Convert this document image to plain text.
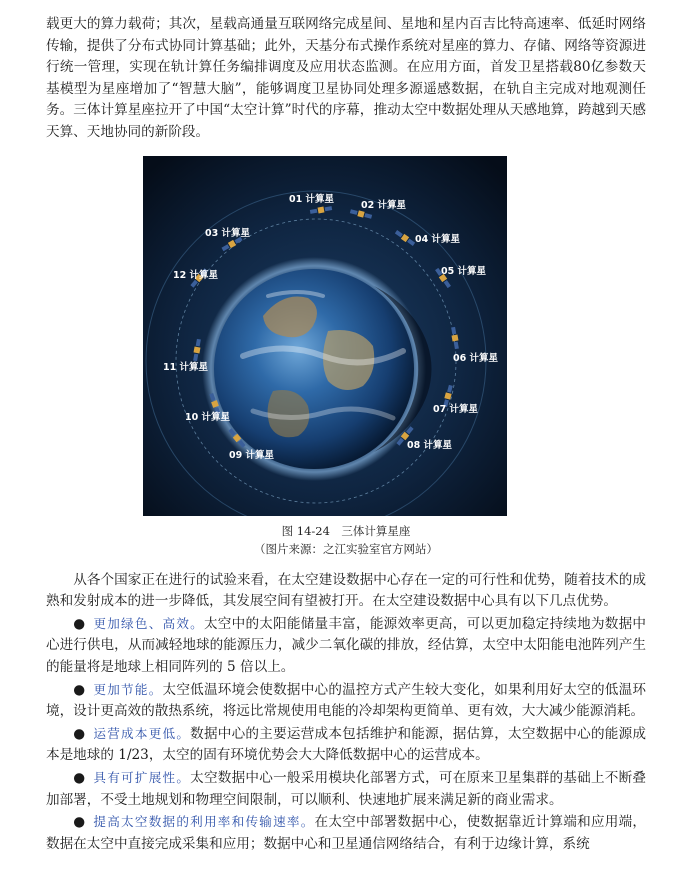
载更大的算力载荷；其次，星载高通量互联网络完成星间、星地和星内百吉比特高速率、低延时网络传输，提供了分布式协同计算基础；此外，天基分布式操作系统对星座的算力、存储、网络等资源进行统一管理，实现在轨计算任务编排调度及应用状态监测。在应用方面，首发卫星搭载80亿参数天基模型为星座增加了“智慧大脑”，能够调度卫星协同处理多源遥感数据，在轨自主完成对地观测任务。三体计算星座拉开了中国“太空计算”时代的序幕，推动太空中数据处理从天感地算，跨越到天感天算、天地协同的新阶段。

01 计算星
02 计算星
03 计算星
04 计算星
05 计算星
06 计算星
07 计算星
08 计算星
09 计算星
10 计算星
11 计算星
12 计算星
图 14-24　三体计算星座
（图片来源：之江实验室官方网站）

从各个国家正在进行的试验来看，在太空建设数据中心存在一定的可行性和优势，随着技术的成熟和发射成本的进一步降低，其发展空间有望被打开。在太空建设数据中心具有以下几点优势。

● 更加绿色、高效。太空中的太阳能储量丰富，能源效率更高，可以更加稳定持续地为数据中心进行供电，从而减轻地球的能源压力，减少二氧化碳的排放，经估算，太空中太阳能电池阵列产生的能量将是地球上相同阵列的 5 倍以上。

● 更加节能。太空低温环境会使数据中心的温控方式产生较大变化，如果利用好太空的低温环境，设计更高效的散热系统，将远比常规使用电能的冷却架构更简单、更有效，大大减少能源消耗。

● 运营成本更低。数据中心的主要运营成本包括维护和能源，据估算，太空数据中心的能源成本是地球的 1/23，太空的固有环境优势会大大降低数据中心的运营成本。

● 具有可扩展性。太空数据中心一般采用模块化部署方式，可在原来卫星集群的基础上不断叠加部署，不受土地规划和物理空间限制，可以顺利、快速地扩展来满足新的商业需求。

● 提高太空数据的利用率和传输速率。在太空中部署数据中心，使数据靠近计算端和应用端，数据在太空中直接完成采集和应用；数据中心和卫星通信网络结合，有利于边缘计算，系统
